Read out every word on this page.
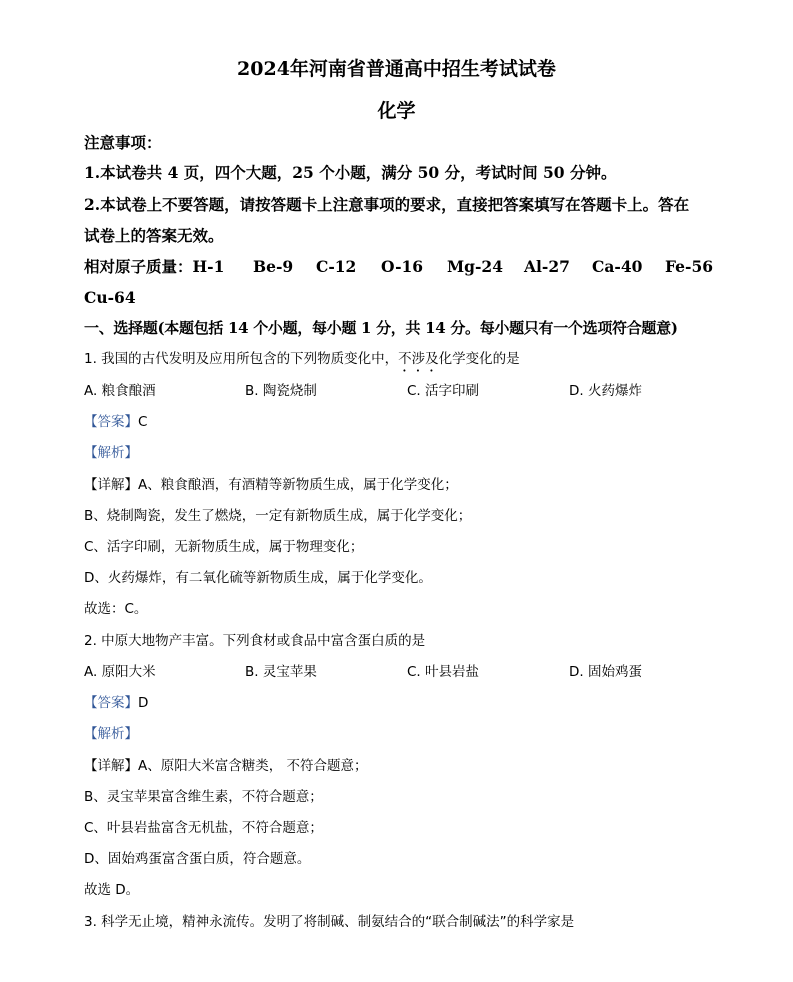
2024年河南省普通高中招生考试试卷
化学
注意事项：
1.本试卷共 4 页，四个大题，25 个小题，满分 50 分，考试时间 50 分钟。
2.本试卷上不要答题，请按答题卡上注意事项的要求，直接把答案填写在答题卡上。答在
试卷上的答案无效。
相对原子质量：H-1 Be-9 C-12 O-16 Mg-24 Al-27 Ca-40 Fe-56
Cu-64
一、选择题(本题包括 14 个小题，每小题 1 分，共 14 分。每小题只有一个选项符合题意)
1. 我国的古代发明及应用所包含的下列物质变化中，不涉及化学变化的是
A. 粮食酿酒	B. 陶瓷烧制	C. 活字印刷	D. 火药爆炸
【答案】C
【解析】
【详解】A、粮食酿酒，有酒精等新物质生成，属于化学变化；
B、烧制陶瓷，发生了燃烧，一定有新物质生成，属于化学变化；
C、活字印刷，无新物质生成，属于物理变化；
D、火药爆炸，有二氧化硫等新物质生成，属于化学变化。
故选：C。
2. 中原大地物产丰富。下列食材或食品中富含蛋白质的是
A. 原阳大米	B. 灵宝苹果	C. 叶县岩盐	D. 固始鸡蛋
【答案】D
【解析】
【详解】A、原阳大米富含糖类， 不符合题意；
B、灵宝苹果富含维生素，不符合题意；
C、叶县岩盐富含无机盐，不符合题意；
D、固始鸡蛋富含蛋白质，符合题意。
故选 D。
3. 科学无止境，精神永流传。发明了将制碱、制氨结合的“联合制碱法”的科学家是
